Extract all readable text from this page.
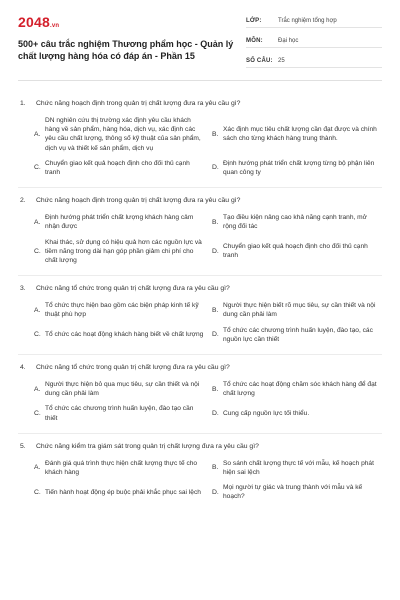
2048.vn
500+ câu trắc nghiệm Thương phẩm học - Quản lý chất lượng hàng hóa có đáp án - Phần 15
LỚP:	Trắc nghiệm tổng hợp
MÔN:	Đại học
SỐ CÂU: 25
1.	Chức năng hoạch định trong quản trị chất lượng đưa ra yêu cầu gì?
A.
DN nghiên cứu thị trường xác định yêu cầu khách hàng về sản phẩm, hàng hóa, dịch vụ, xác định các yêu cầu chất lượng, thông số kỹ thuật của sản phẩm, dịch vụ và thiết kế sản phẩm, dịch vụ
B.
Xác định mục tiêu chất lượng cần đạt được và chính sách cho từng khách hàng trung thành.
C.
Chuyển giao kết quả hoạch định cho đối thủ cạnh tranh
D.
Định hướng phát triển chất lượng từng bộ phận liên quan công ty
2.	Chức năng hoạch định trong quản trị chất lượng đưa ra yêu cầu gì?
A.
Định hướng phát triển chất lượng khách hàng cảm nhận được
B.
Tạo điều kiện nâng cao khả năng cạnh tranh, mở rộng đối tác
C.
Khai thác, sử dụng có hiệu quả hơn các nguồn lực và tiềm năng trong dài hạn góp phần giảm chi phí cho chất lượng
D.
Chuyển giao kết quả hoạch định cho đối thủ cạnh tranh
3.	Chức năng tổ chức trong quản trị chất lượng đưa ra yêu cầu gì?
A.
Tổ chức thực hiện bao gồm các biện pháp kinh tế kỹ thuật phù hợp
B.
Người thực hiện biết rõ mục tiêu, sự cần thiết và nội dung cần phải làm
C. Tổ chức các hoạt động khách hàng biết về chất lượng D.
Tổ chức các chương trình huấn luyện, đào tạo, các nguồn lực cần thiết
4.	Chức năng tổ chức trong quản trị chất lượng đưa ra yêu cầu gì?
A.
Người thực hiện bỏ qua mục tiêu, sự cần thiết và nội dung cần phải làm
B.
Tổ chức các hoạt động chăm sóc khách hàng để đạt chất lượng
C.
Tổ chức các chương trình huấn luyện, đào tạo cần thiết
D. Cung cấp nguồn lực tối thiểu.
5.	Chức năng kiểm tra giám sát trong quản trị chất lượng đưa ra yêu cầu gì?
A.
Đánh giá quá trình thực hiện chất lượng thực tế cho khách hàng
B.
So sánh chất lượng thực tế với mẫu, kế hoạch phát hiện sai lệch
C. Tiến hành hoạt động ép buộc phải khắc phục sai lệch	D.
Mọi người tự giác và trung thành với mẫu và kế hoạch?
